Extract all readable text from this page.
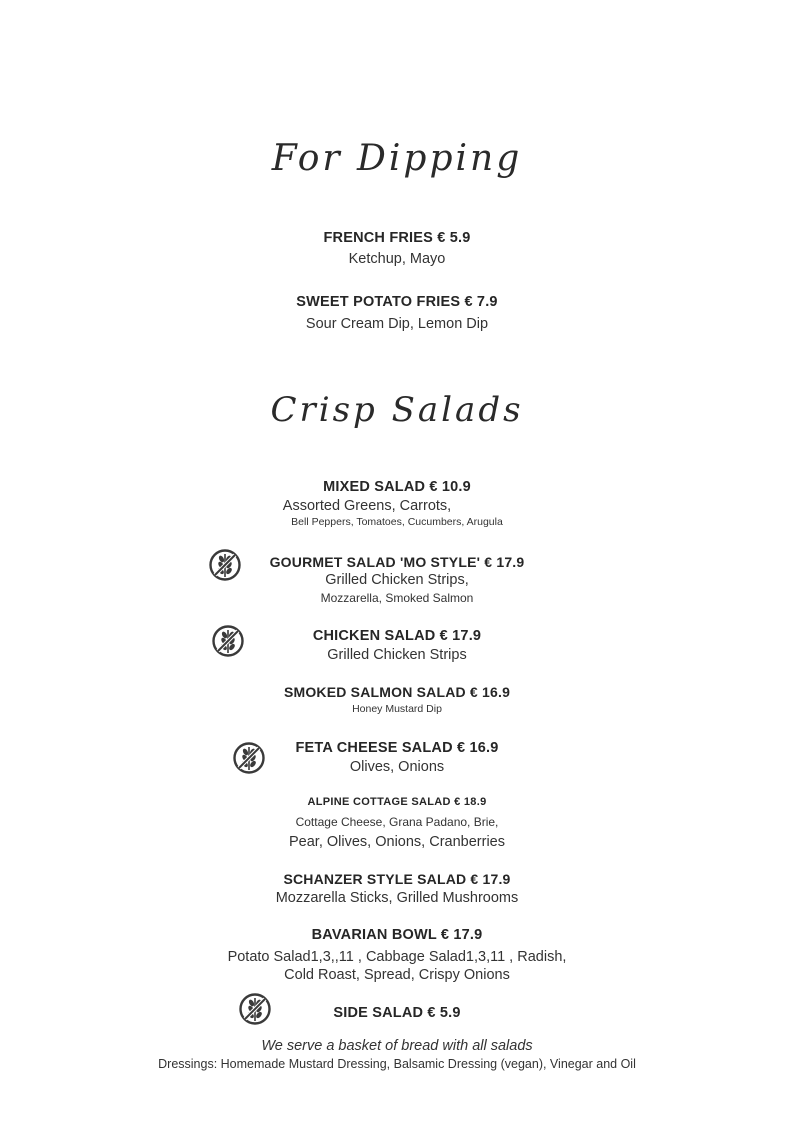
For Dipping
FRENCH FRIES € 5.9
Ketchup, Mayo
SWEET POTATO FRIES € 7.9
Sour Cream Dip, Lemon Dip
Crisp Salads
MIXED SALAD € 10.9
Assorted Greens, Carrots,
Bell Peppers, Tomatoes, Cucumbers, Arugula
GOURMET SALAD 'MO STYLE' € 17.9
Grilled Chicken Strips,
Mozzarella, Smoked Salmon
CHICKEN SALAD € 17.9
Grilled Chicken Strips
SMOKED SALMON SALAD € 16.9
Honey Mustard Dip
FETA CHEESE SALAD € 16.9
Olives, Onions
ALPINE COTTAGE SALAD € 18.9
Cottage Cheese, Grana Padano, Brie,
Pear, Olives, Onions, Cranberries
SCHANZER STYLE SALAD € 17.9
Mozzarella Sticks, Grilled Mushrooms
BAVARIAN BOWL € 17.9
Potato Salad1,3,,11 , Cabbage Salad1,3,11 , Radish,
Cold Roast, Spread, Crispy Onions
SIDE SALAD € 5.9
We serve a basket of bread with all salads
Dressings: Homemade Mustard Dressing, Balsamic Dressing (vegan), Vinegar and Oil
